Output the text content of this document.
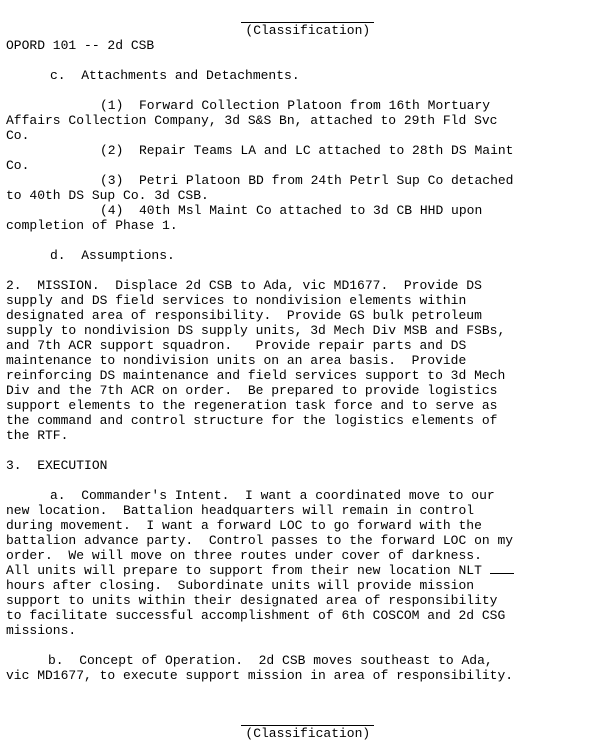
(Classification)

OPORD 101 -- 2d CSB
c.  Attachments and Detachments.
(1)  Forward Collection Platoon from 16th Mortuary
Affairs Collection Company, 3d S&S Bn, attached to 29th Fld Svc
Co.
(2)  Repair Teams LA and LC attached to 28th DS Maint
Co.
(3)  Petri Platoon BD from 24th Petrl Sup Co detached
to 40th DS Sup Co. 3d CSB.
(4)  40th Msl Maint Co attached to 3d CB HHD upon
completion of Phase 1.
d.  Assumptions.
2.  MISSION.  Displace 2d CSB to Ada, vic MD1677.  Provide DS
supply and DS field services to nondivision elements within
designated area of responsibility.  Provide GS bulk petroleum
supply to nondivision DS supply units, 3d Mech Div MSB and FSBs,
and 7th ACR support squadron.   Provide repair parts and DS
maintenance to nondivision units on an area basis.  Provide
reinforcing DS maintenance and field services support to 3d Mech
Div and the 7th ACR on order.  Be prepared to provide logistics
support elements to the regeneration task force and to serve as
the command and control structure for the logistics elements of
the RTF.
3.  EXECUTION
a.  Commander's Intent.  I want a coordinated move to our
new location.  Battalion headquarters will remain in control
during movement.  I want a forward LOC to go forward with the
battalion advance party.  Control passes to the forward LOC on my
order.  We will move on three routes under cover of darkness.
All units will prepare to support from their new location NLT
hours after closing.  Subordinate units will provide mission
support to units within their designated area of responsibility
to facilitate successful accomplishment of 6th COSCOM and 2d CSG
missions.
b.  Concept of Operation.  2d CSB moves southeast to Ada,
vic MD1677, to execute support mission in area of responsibility.

(Classification)
